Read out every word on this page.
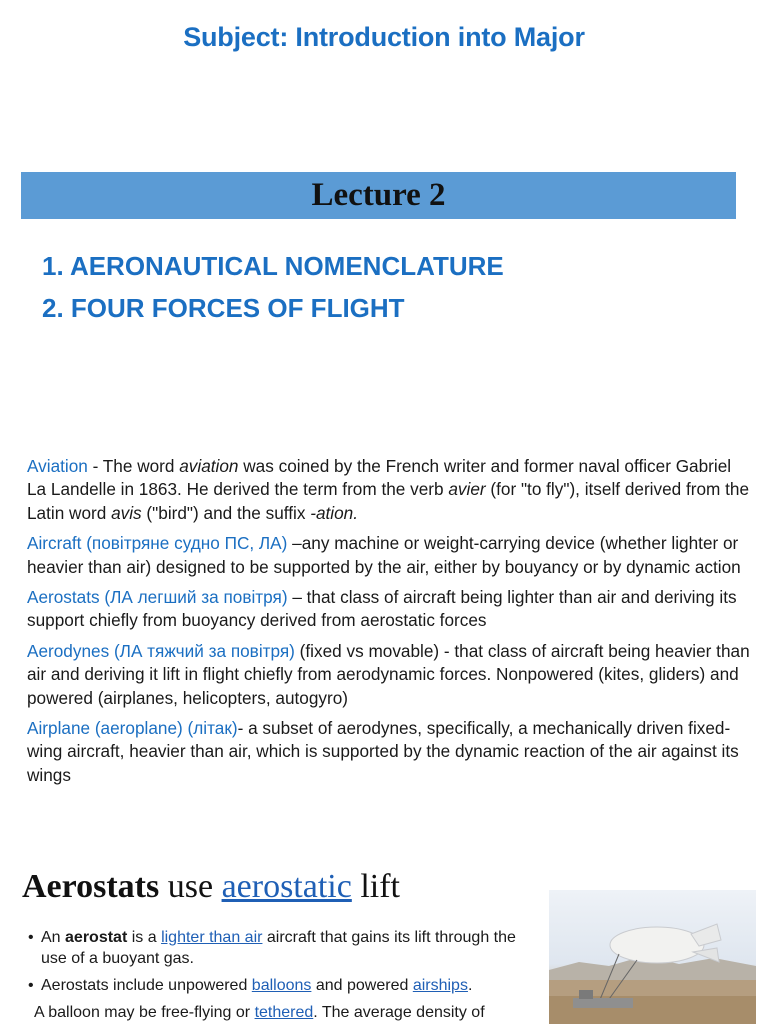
Subject: Introduction into Major
Lecture 2
1. AERONAUTICAL NOMENCLATURE
2. FOUR FORCES OF FLIGHT
Aviation - The word aviation was coined by the French writer and former naval officer Gabriel La Landelle in 1863. He derived the term from the verb avier (for "to fly"), itself derived from the Latin word avis ("bird") and the suffix -ation.
Aircraft (повітряне судно ПС, ЛА) –any machine or weight-carrying device (whether lighter or heavier than air) designed to be supported by the air, either by bouyancy or by dynamic action
Aerostats (ЛА легший за повітря) – that class of aircraft being lighter than air and deriving its support chiefly from buoyancy derived from aerostatic forces
Aerodynes (ЛА тяжчий за повітря) (fixed vs movable) - that class of aircraft being heavier than air and deriving it lift in flight chiefly from aerodynamic forces. Nonpowered (kites, gliders) and powered (airplanes, helicopters, autogyro)
Airplane (aeroplane) (літак)- a subset of aerodynes, specifically, a mechanically driven fixed-wing aircraft, heavier than air, which is supported by the dynamic reaction of the air against its wings
Aerostats use aerostatic lift
• An aerostat is a lighter than air aircraft that gains its lift through the use of a buoyant gas.
• Aerostats include unpowered balloons and powered airships.
A balloon may be free-flying or tethered. The average density of
